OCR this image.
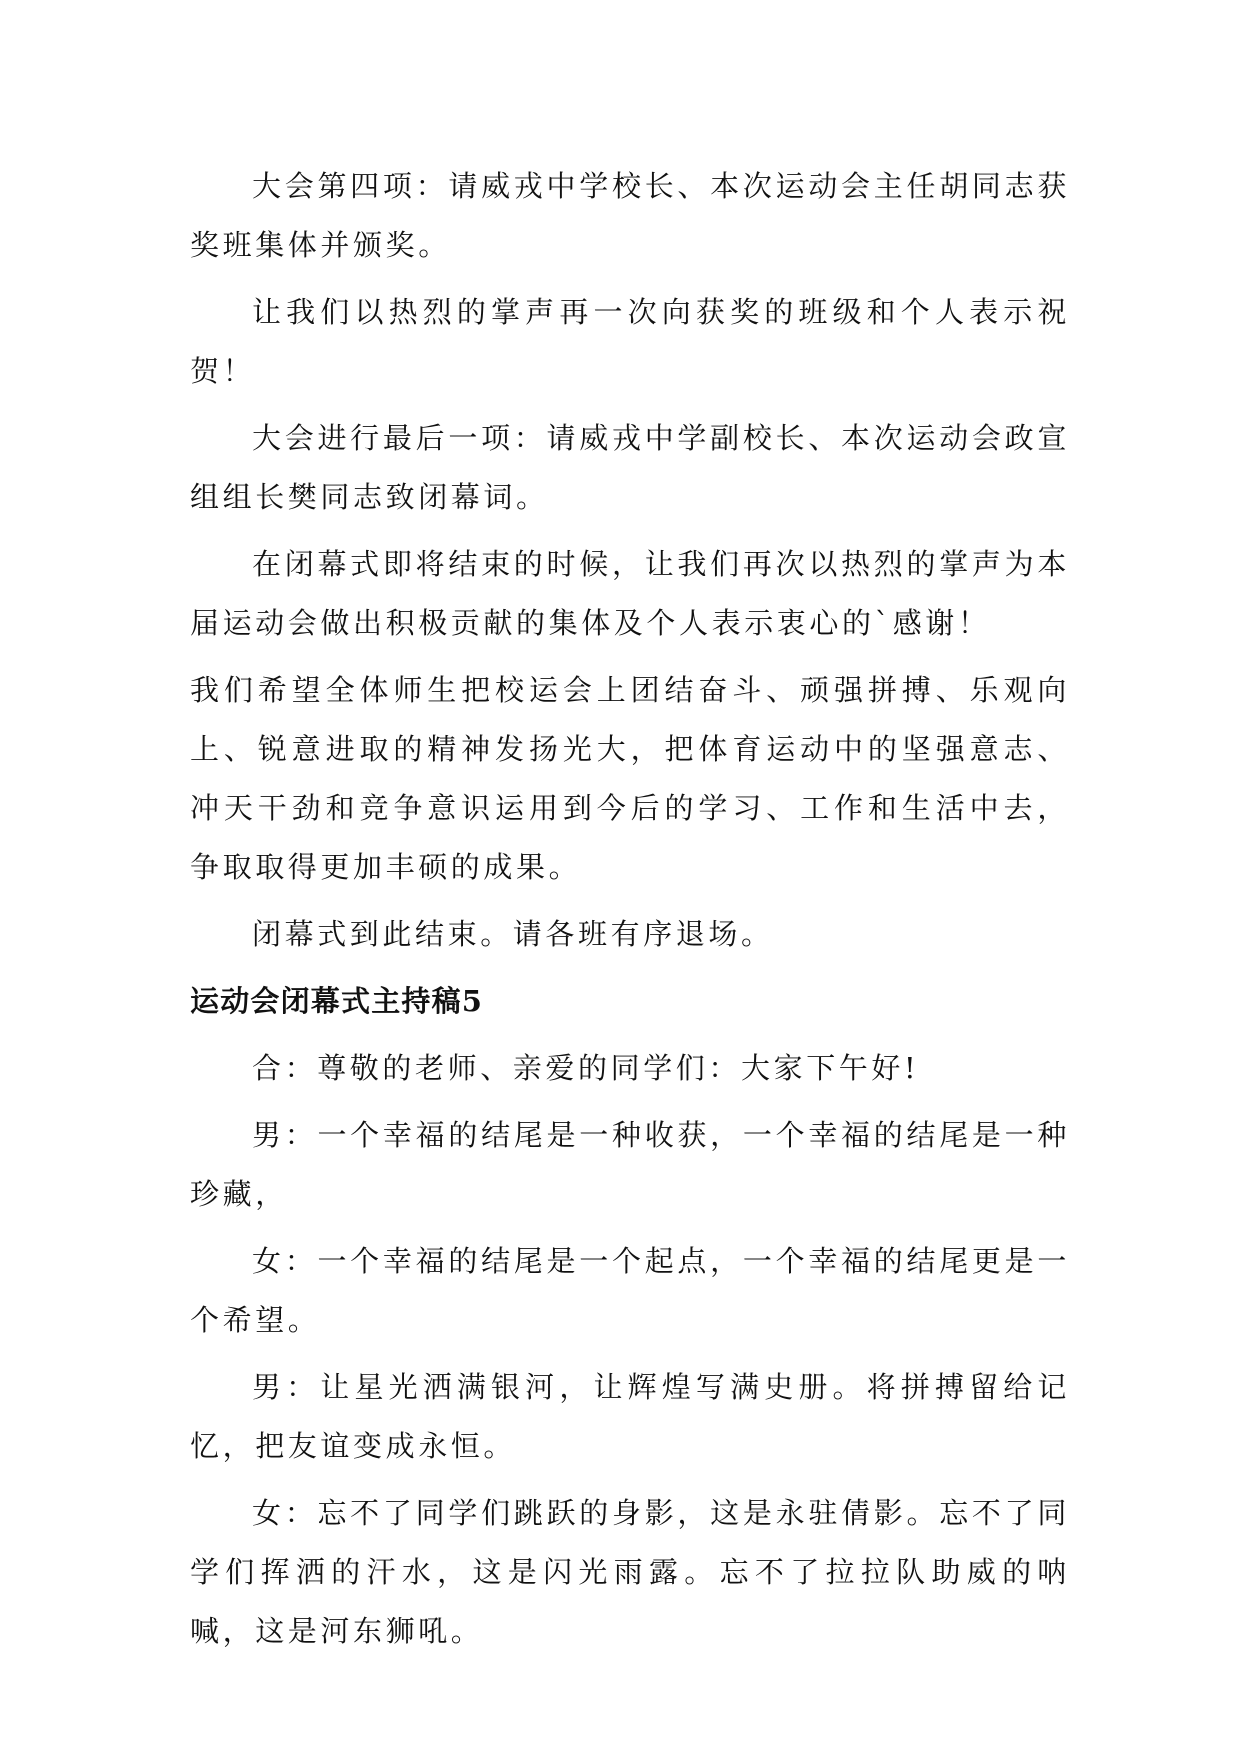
大会第四项：请威戎中学校长、本次运动会主任胡同志获奖班集体并颁奖。

让我们以热烈的掌声再一次向获奖的班级和个人表示祝贺！

大会进行最后一项：请威戎中学副校长、本次运动会政宣组组长樊同志致闭幕词。

在闭幕式即将结束的时候，让我们再次以热烈的掌声为本届运动会做出积极贡献的集体及个人表示衷心的`感谢！

我们希望全体师生把校运会上团结奋斗、顽强拼搏、乐观向上、锐意进取的精神发扬光大，把体育运动中的坚强意志、冲天干劲和竞争意识运用到今后的学习、工作和生活中去，争取取得更加丰硕的成果。

闭幕式到此结束。请各班有序退场。

运动会闭幕式主持稿5

合：尊敬的老师、亲爱的同学们：大家下午好!

男：一个幸福的结尾是一种收获，一个幸福的结尾是一种珍藏，

女：一个幸福的结尾是一个起点，一个幸福的结尾更是一个希望。

男：让星光洒满银河，让辉煌写满史册。将拼搏留给记忆，把友谊变成永恒。

女：忘不了同学们跳跃的身影，这是永驻倩影。忘不了同学们挥洒的汗水，这是闪光雨露。忘不了拉拉队助威的呐喊，这是河东狮吼。
